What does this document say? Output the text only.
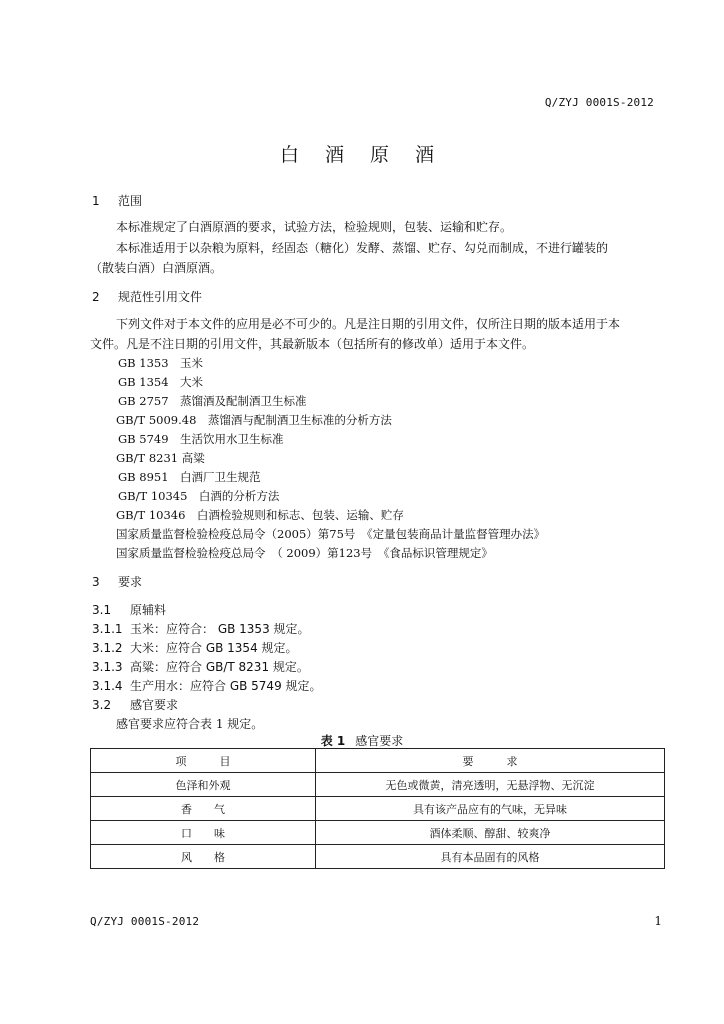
Q/ZYJ 0001S-2012
白 酒 原 酒
1 范围
本标准规定了白酒原酒的要求，试验方法，检验规则，包装、运输和贮存。
本标准适用于以杂粮为原料，经固态（糖化）发酵、蒸馏、贮存、勾兑而制成，不进行罐装的
（散装白酒）白酒原酒。
2 规范性引用文件
下列文件对于本文件的应用是必不可少的。凡是注日期的引用文件，仅所注日期的版本适用于本
文件。凡是不注日期的引用文件，其最新版本（包括所有的修改单）适用于本文件。
GB 1353　玉米
GB 1354　大米
GB 2757　蒸馏酒及配制酒卫生标准
GB/T 5009.48　蒸馏酒与配制酒卫生标准的分析方法
GB 5749　生活饮用水卫生标准
GB/T 8231 高粱
GB 8951　白酒厂卫生规范
GB/T 10345　白酒的分析方法
GB/T 10346　白酒检验规则和标志、包装、运输、贮存
国家质量监督检验检疫总局令（2005）第75号　《定量包装商品计量监督管理办法》
国家质量监督检验检疫总局令　（ 2009）第123号　《食品标识管理规定》
3 要求
3.1 原辅料
3.1.1 玉米：应符合： GB 1353 规定。
3.1.2 大米：应符合 GB 1354 规定。
3.1.3 高粱：应符合 GB/T 8231 规定。
3.1.4 生产用水：应符合 GB 5749 规定。
3.2 感官要求
感官要求应符合表 1 规定。
表 1 感官要求
项　　　目	要　　　求
色泽和外观	无色或微黄，清亮透明，无悬浮物、无沉淀
香　　气	具有该产品应有的气味，无异味
口　　味	酒体柔顺、醇甜、较爽净
风　　格	具有本品固有的风格
Q/ZYJ 0001S-2012	1
